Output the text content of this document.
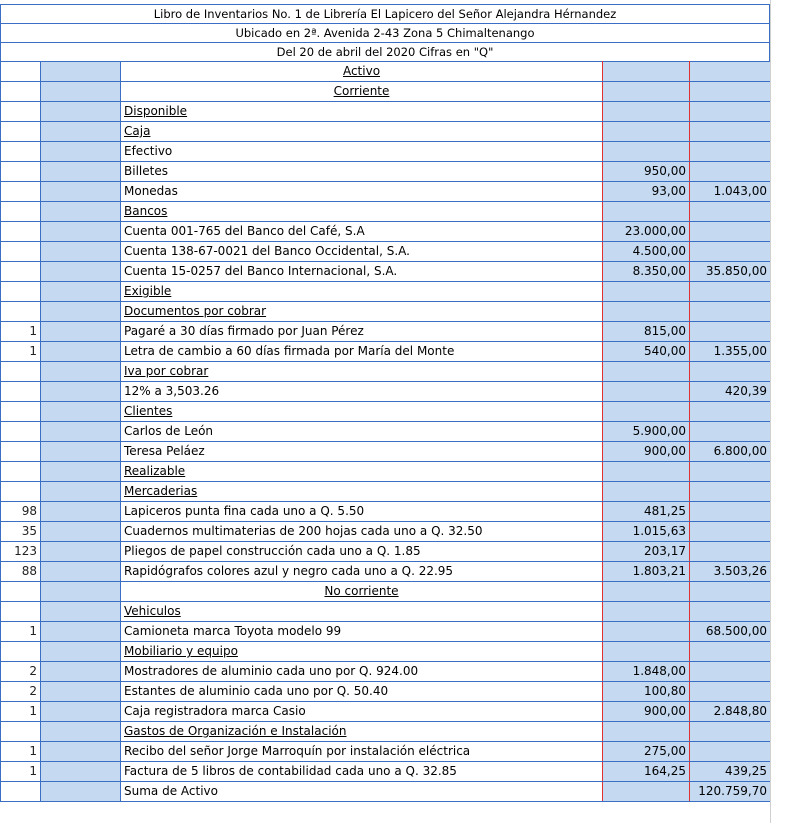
Libro de Inventarios No. 1 de Librería El Lapicero del Señor Alejandra Hérnandez
Ubicado en 2ª. Avenida 2-43 Zona 5 Chimaltenango
Del 20 de abril del 2020 Cifras en "Q"
		Activo		
		Corriente		
		Disponible		
		Caja		
		Efectivo		
		Billetes	950,00	
		Monedas	93,00	1.043,00
		Bancos		
		Cuenta 001-765 del Banco del Café, S.A	23.000,00	
		Cuenta 138-67-0021 del Banco Occidental, S.A.	4.500,00	
		Cuenta 15-0257 del Banco Internacional, S.A.	8.350,00	35.850,00
		Exigible		
		Documentos por cobrar		
1		Pagaré a 30 días firmado por Juan Pérez	815,00	
1		Letra de cambio a 60 días firmada por María del Monte	540,00	1.355,00
		Iva por cobrar		
		12% a 3,503.26		420,39
		Clientes		
		Carlos de León	5.900,00	
		Teresa Peláez	900,00	6.800,00
		Realizable		
		Mercaderias		
98		Lapiceros punta fina cada uno a Q. 5.50	481,25	
35		Cuadernos multimaterias de 200 hojas cada uno a Q. 32.50	1.015,63	
123		Pliegos de papel construcción cada uno a Q. 1.85	203,17	
88		Rapidógrafos colores azul y negro cada uno a Q. 22.95	1.803,21	3.503,26
		No corriente		
		Vehiculos		
1		Camioneta marca Toyota modelo 99		68.500,00
		Mobiliario y equipo		
2		Mostradores de aluminio cada uno por Q. 924.00	1.848,00	
2		Estantes de aluminio cada uno por Q. 50.40	100,80	
1		Caja registradora marca Casio	900,00	2.848,80
		Gastos de Organización e Instalación		
1		Recibo del señor Jorge Marroquín por instalación eléctrica	275,00	
1		Factura de 5 libros de contabilidad cada uno a Q. 32.85	164,25	439,25
		Suma de Activo		120.759,70
